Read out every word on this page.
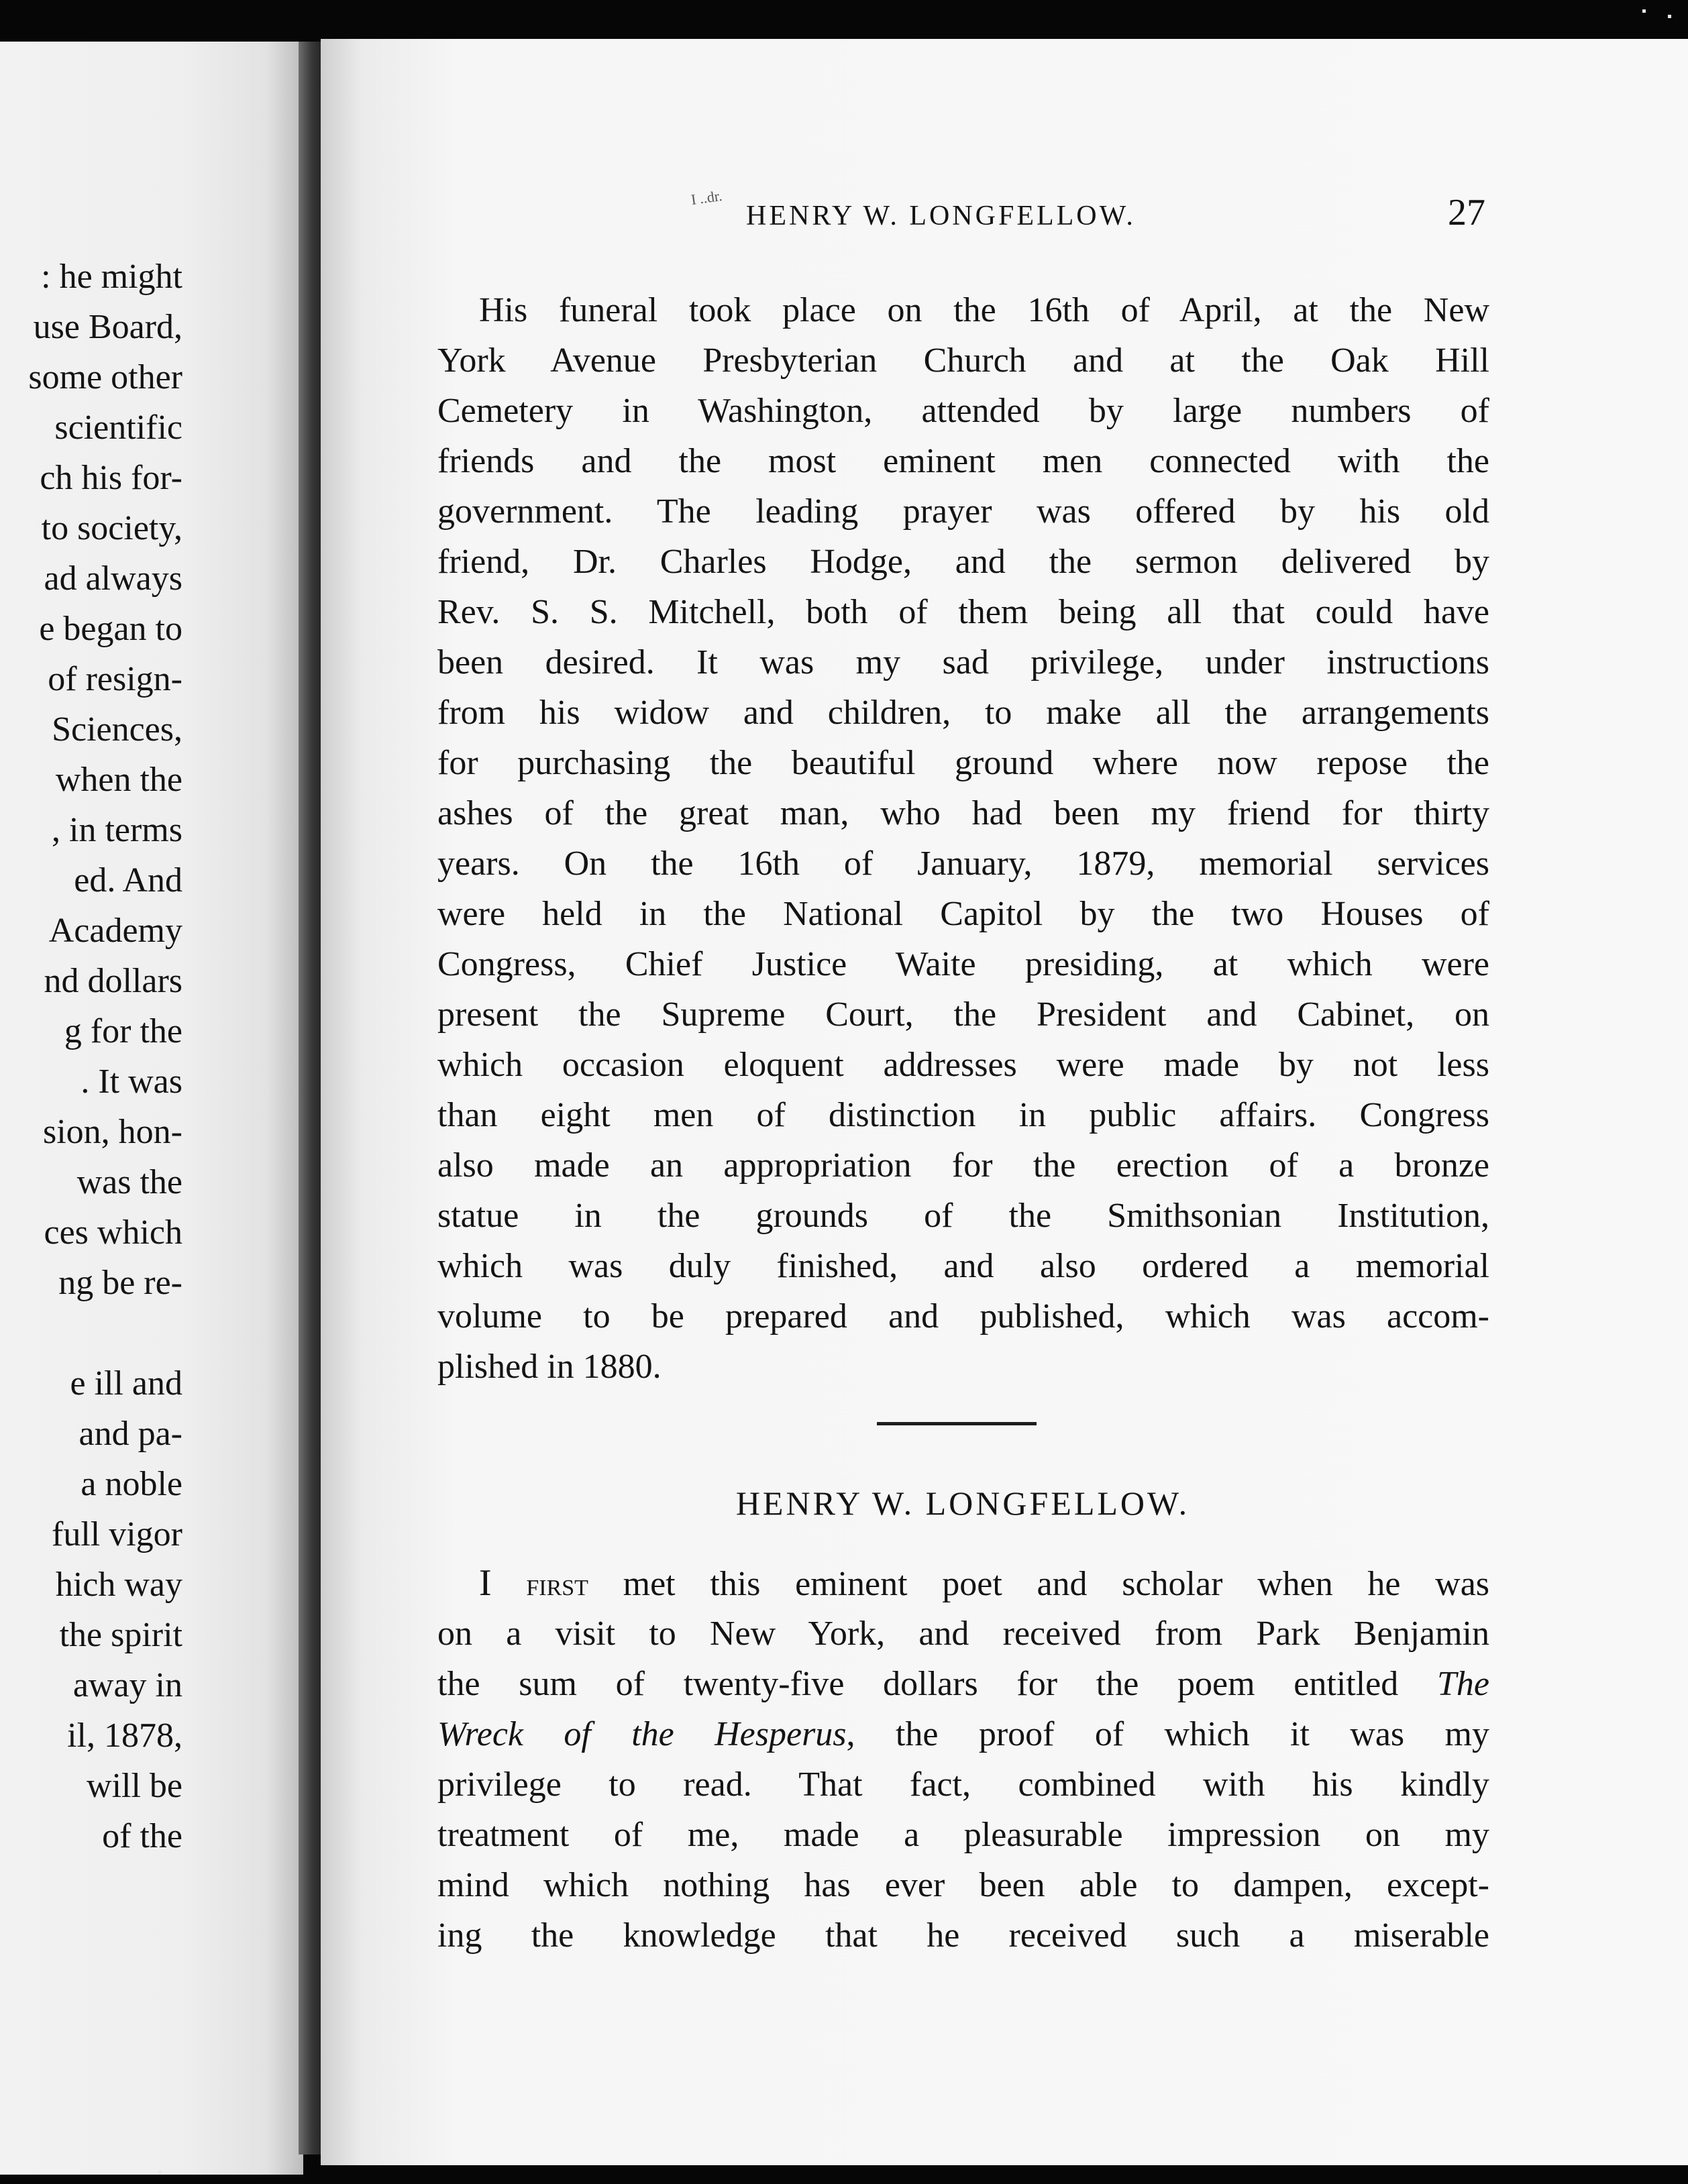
: he might
use Board,
some other
scientific
ch his for-
to society,
ad always
e began to
of resign-
Sciences,
when the
, in terms
ed. And
Academy
nd dollars
g for the
. It was
sion, hon-
was the
ces which
ng be re-
e ill and
and pa-
a noble
full vigor
hich way
the spirit
away in
il, 1878,
will be
of the
I ..dr.
HENRY W. LONGFELLOW.	27
His funeral took place on the 16th of April, at the New
York Avenue Presbyterian Church and at the Oak Hill
Cemetery in Washington, attended by large numbers of
friends and the most eminent men connected with the
government. The leading prayer was offered by his old
friend, Dr. Charles Hodge, and the sermon delivered by
Rev. S. S. Mitchell, both of them being all that could have
been desired. It was my sad privilege, under instructions
from his widow and children, to make all the arrangements
for purchasing the beautiful ground where now repose the
ashes of the great man, who had been my friend for thirty
years. On the 16th of January, 1879, memorial services
were held in the National Capitol by the two Houses of
Congress, Chief Justice Waite presiding, at which were
present the Supreme Court, the President and Cabinet, on
which occasion eloquent addresses were made by not less
than eight men of distinction in public affairs. Congress
also made an appropriation for the erection of a bronze
statue in the grounds of the Smithsonian Institution,
which was duly finished, and also ordered a memorial
volume to be prepared and published, which was accom-
plished in 1880.
HENRY W. LONGFELLOW.
I first met this eminent poet and scholar when he was
on a visit to New York, and received from Park Benjamin
the sum of twenty-five dollars for the poem entitled The
Wreck of the Hesperus, the proof of which it was my
privilege to read. That fact, combined with his kindly
treatment of me, made a pleasurable impression on my
mind which nothing has ever been able to dampen, except-
ing the knowledge that he received such a miserable
